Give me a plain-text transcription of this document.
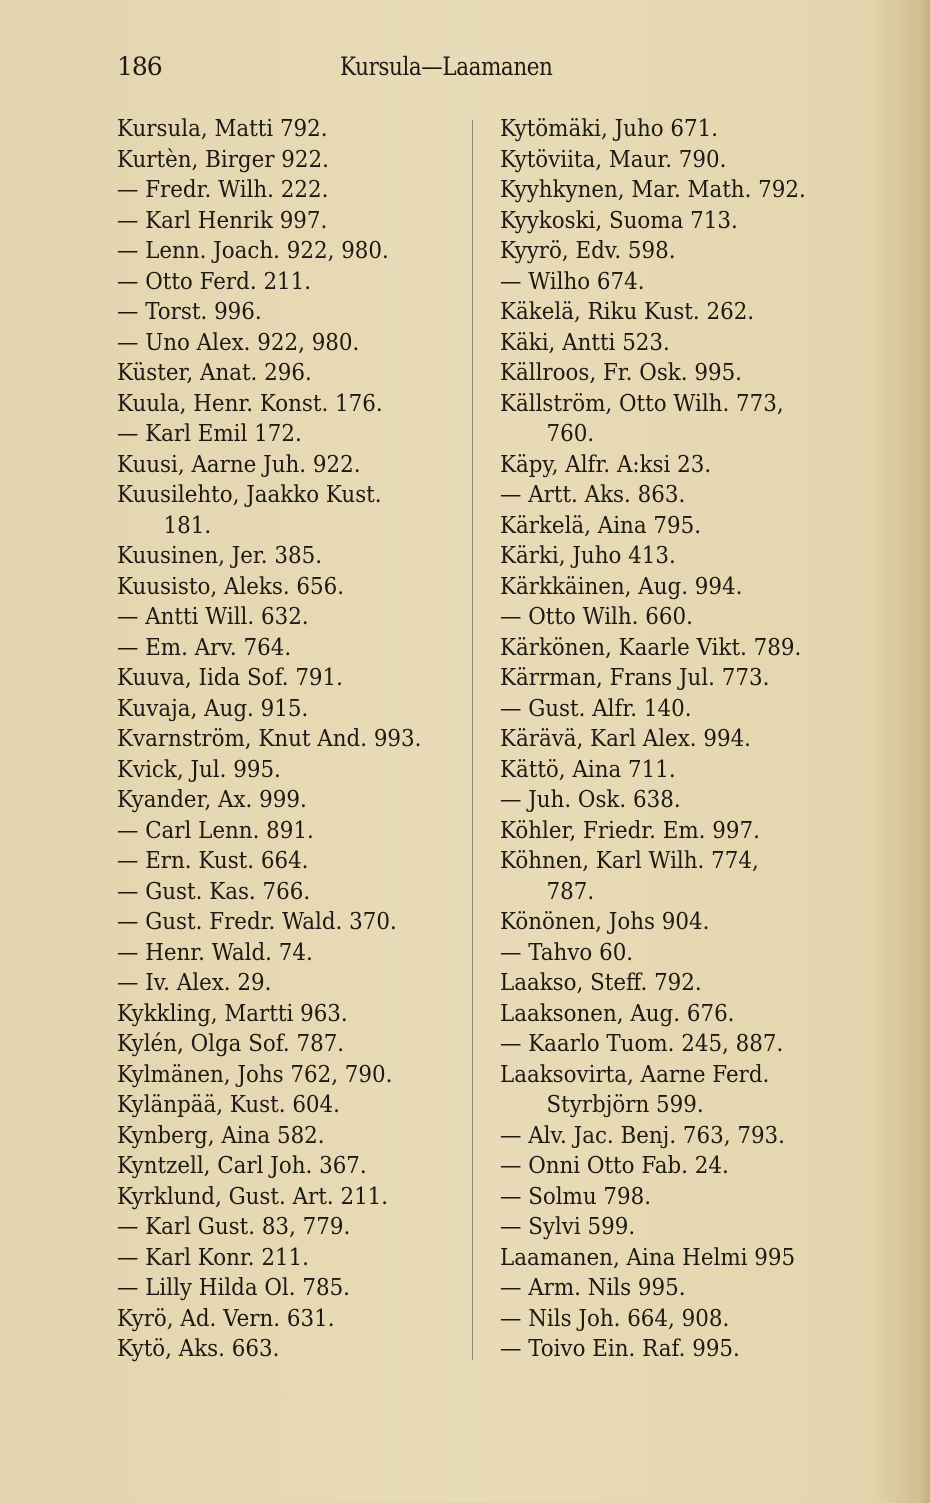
186	Kursula—Laamanen
Kursula, Matti 792.
Kurtèn, Birger 922.
— Fredr. Wilh. 222.
— Karl Henrik 997.
— Lenn. Joach. 922, 980.
— Otto Ferd. 211.
— Torst. 996.
— Uno Alex. 922, 980.
Küster, Anat. 296.
Kuula, Henr. Konst. 176.
— Karl Emil 172.
Kuusi, Aarne Juh. 922.
Kuusilehto, Jaakko Kust.
181.
Kuusinen, Jer. 385.
Kuusisto, Aleks. 656.
— Antti Will. 632.
— Em. Arv. 764.
Kuuva, Iida Sof. 791.
Kuvaja, Aug. 915.
Kvarnström, Knut And. 993.
Kvick, Jul. 995.
Kyander, Ax. 999.
— Carl Lenn. 891.
— Ern. Kust. 664.
— Gust. Kas. 766.
— Gust. Fredr. Wald. 370.
— Henr. Wald. 74.
— Iv. Alex. 29.
Kykkling, Martti 963.
Kylén, Olga Sof. 787.
Kylmänen, Johs 762, 790.
Kylänpää, Kust. 604.
Kynberg, Aina 582.
Kyntzell, Carl Joh. 367.
Kyrklund, Gust. Art. 211.
— Karl Gust. 83, 779.
— Karl Konr. 211.
— Lilly Hilda Ol. 785.
Kyrö, Ad. Vern. 631.
Kytö, Aks. 663.
Kytömäki, Juho 671.
Kytöviita, Maur. 790.
Kyyhkynen, Mar. Math. 792.
Kyykoski, Suoma 713.
Kyyrö, Edv. 598.
— Wilho 674.
Käkelä, Riku Kust. 262.
Käki, Antti 523.
Källroos, Fr. Osk. 995.
Källström, Otto Wilh. 773,
760.
Käpy, Alfr. A:ksi 23.
— Artt. Aks. 863.
Kärkelä, Aina 795.
Kärki, Juho 413.
Kärkkäinen, Aug. 994.
— Otto Wilh. 660.
Kärkönen, Kaarle Vikt. 789.
Kärrman, Frans Jul. 773.
— Gust. Alfr. 140.
Kärävä, Karl Alex. 994.
Kättö, Aina 711.
— Juh. Osk. 638.
Köhler, Friedr. Em. 997.
Köhnen, Karl Wilh. 774,
787.
Könönen, Johs 904.
— Tahvo 60.
Laakso, Steff. 792.
Laaksonen, Aug. 676.
— Kaarlo Tuom. 245, 887.
Laaksovirta, Aarne Ferd.
Styrbjörn 599.
— Alv. Jac. Benj. 763, 793.
— Onni Otto Fab. 24.
— Solmu 798.
— Sylvi 599.
Laamanen, Aina Helmi 995
— Arm. Nils 995.
— Nils Joh. 664, 908.
— Toivo Ein. Raf. 995.
